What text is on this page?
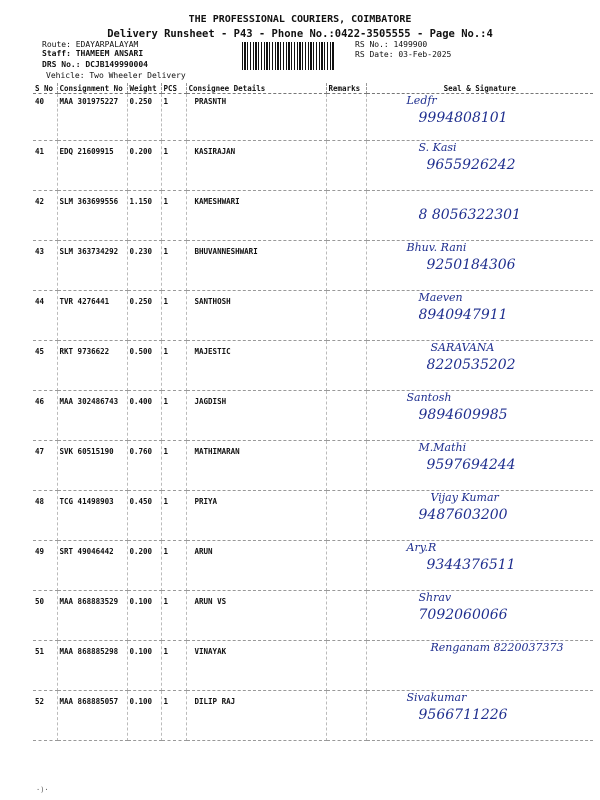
THE PROFESSIONAL COURIERS, COIMBATORE
Delivery Runsheet - P43 - Phone No.:0422-3505555 - Page No.:4
Route: EDAYARPALAYAM
Staff: THAMEEM ANSARI
DRS No.: DCJB149990004
Vehicle: Two Wheeler Delivery
RS No.: 1499900
RS Date: 03-Feb-2025
S No	Consignment No	Weight	PCS	Consignee Details	Remarks	Seal & Signature
40	MAA 301975227	0.250	1	PRASNTH		Ledfr
9994808101

41	EDQ 21609915	0.200	1	KASIRAJAN		S. Kasi
9655926242

42	SLM 363699556	1.150	1	KAMESHWARI		8 8056322301

43	SLM 363734292	0.230	1	BHUVANNESHWARI		Bhuv. Rani
9250184306

44	TVR 4276441	0.250	1	SANTHOSH		Maeven
8940947911

45	RKT 9736622	0.500	1	MAJESTIC		SARAVANA
8220535202

46	MAA 302486743	0.400	1	JAGDISH		Santosh
9894609985

47	SVK 60515190	0.760	1	MATHIMARAN		M.Mathi
9597694244

48	TCG 41498903	0.450	1	PRIYA		Vijay Kumar
9487603200

49	SRT 49046442	0.200	1	ARUN		Ary.R
9344376511

50	MAA 868883529	0.100	1	ARUN VS		Shrav
7092060066

51	MAA 868885298	0.100	1	VINAYAK		Renganam 8220037373

52	MAA 868885057	0.100	1	DILIP RAJ		Sivakumar
9566711226
·)·
